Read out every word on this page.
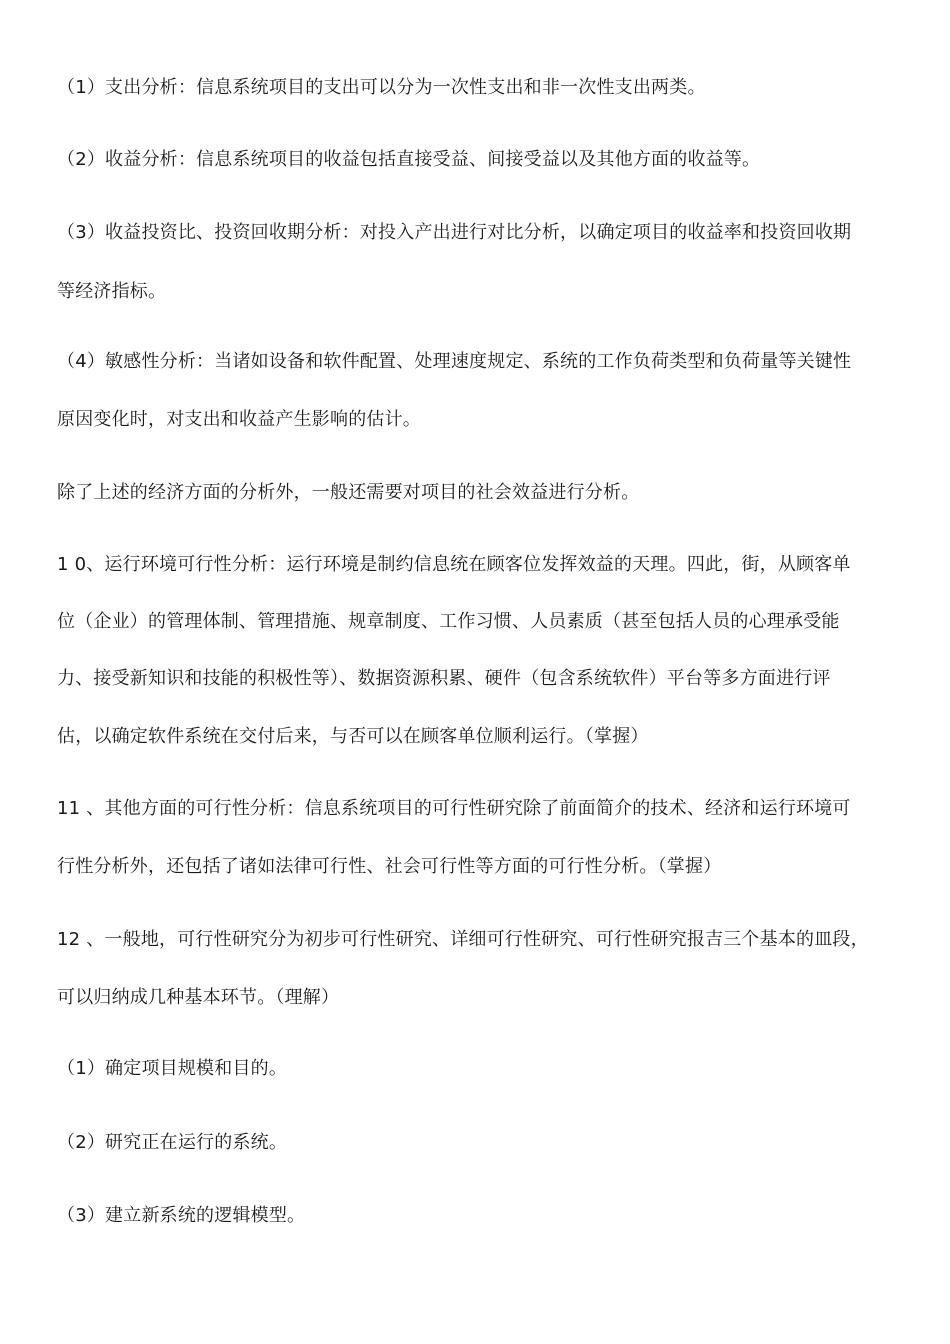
（1）支出分析：信息系统项目的支出可以分为一次性支出和非一次性支出两类。
（2）收益分析：信息系统项目的收益包括直接受益、间接受益以及其他方面的收益等。
（3）收益投资比、投资回收期分析：对投入产出进行对比分析，以确定项目的收益率和投资回收期
等经济指标。
（4）敏感性分析：当诸如设备和软件配置、处理速度规定、系统的工作负荷类型和负荷量等关键性
原因变化时，对支出和收益产生影响的估计。
除了上述的经济方面的分析外，一般还需要对项目的社会效益进行分析。
1 0、运行环境可行性分析：运行环境是制约信息统在顾客位发挥效益的天理。四此，街，从顾客单
位（企业）的管理体制、管理措施、规章制度、工作习惯、人员素质（甚至包括人员的心理承受能
力、接受新知识和技能的积极性等）、数据资源积累、硬件（包含系统软件）平台等多方面进行评
估，以确定软件系统在交付后来，与否可以在顾客单位顺利运行。（掌握）
11 、其他方面的可行性分析：信息系统项目的可行性研究除了前面简介的技术、经济和运行环境可
行性分析外，还包括了诸如法律可行性、社会可行性等方面的可行性分析。（掌握）
12 、一般地，可行性研究分为初步可行性研究、详细可行性研究、可行性研究报吉三个基本的皿段，
可以归纳成几种基本环节。（理解）
（1）确定项目规模和目的。
（2）研究正在运行的系统。
（3）建立新系统的逻辑模型。
